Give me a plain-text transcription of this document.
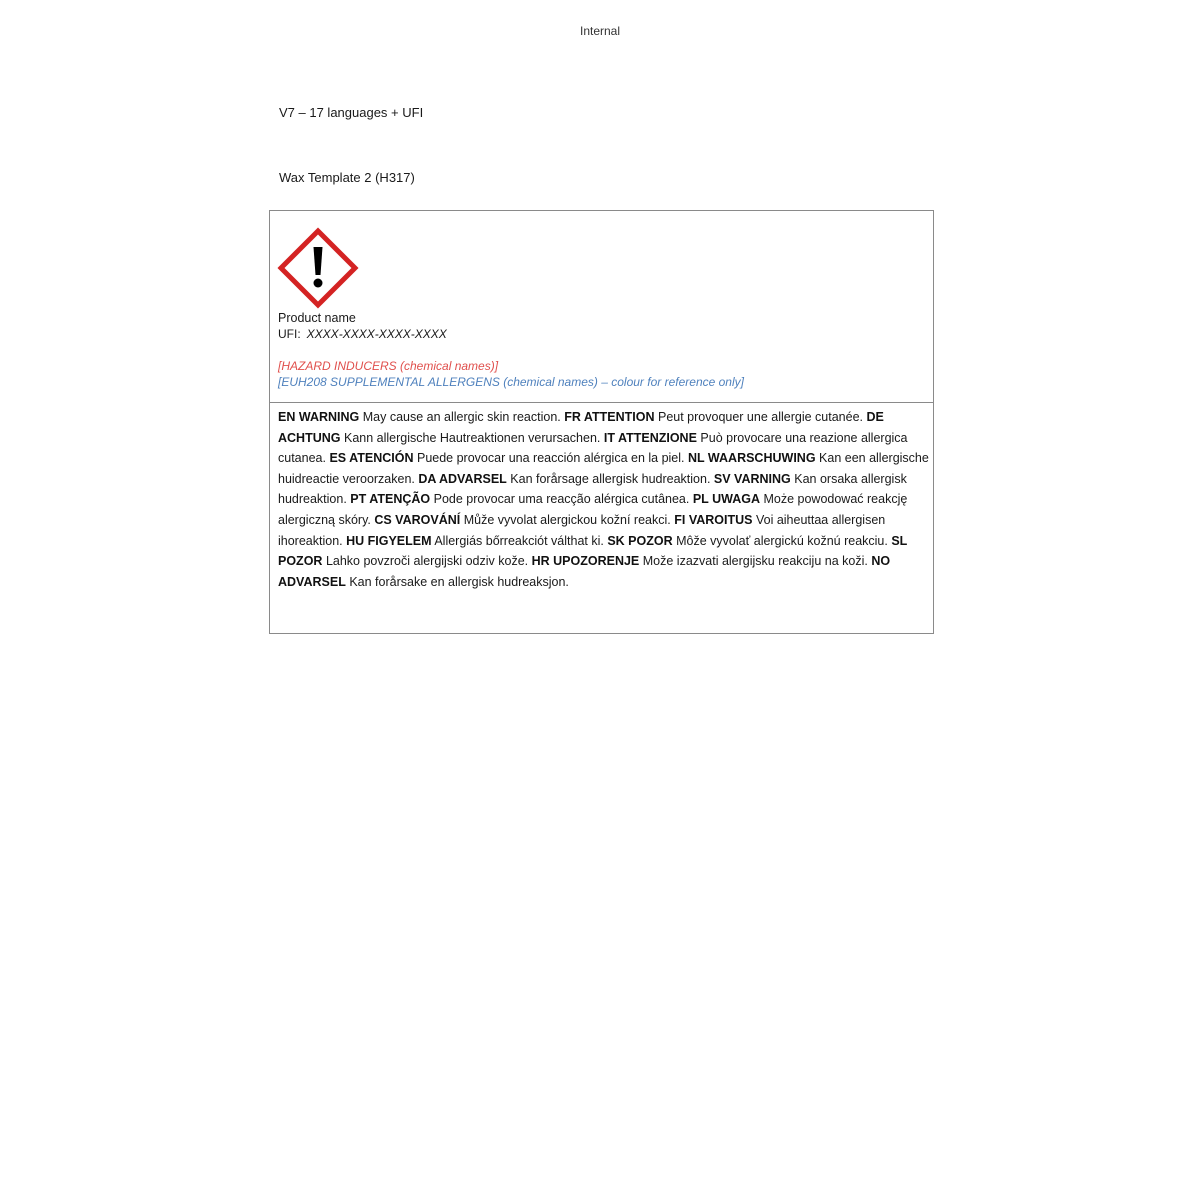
Internal
V7 – 17 languages + UFI
Wax Template 2 (H317)
Product name
UFI: XXXX-XXXX-XXXX-XXXX
[HAZARD INDUCERS (chemical names)]
[EUH208 SUPPLEMENTAL ALLERGENS (chemical names) – colour for reference only]
EN WARNING May cause an allergic skin reaction. FR ATTENTION Peut provoquer une allergie cutanée. DE ACHTUNG Kann allergische Hautreaktionen verursachen. IT ATTENZIONE Può provocare una reazione allergica cutanea. ES ATENCIÓN Puede provocar una reacción alérgica en la piel. NL WAARSCHUWING Kan een allergische huidreactie veroorzaken. DA ADVARSEL Kan forårsage allergisk hudreaktion. SV VARNING Kan orsaka allergisk hudreaktion. PT ATENÇÃO Pode provocar uma reacção alérgica cutânea. PL UWAGA Może powodować reakcję alergiczną skóry. CS VAROVÁNÍ Může vyvolat alergickou kožní reakci. FI VAROITUS Voi aiheuttaa allergisen ihoreaktion. HU FIGYELEM Allergiás bőrreakciót válthat ki. SK POZOR Môže vyvolať alergickú kožnú reakciu. SL POZOR Lahko povzroči alergijski odziv kože. HR UPOZORENJE Može izazvati alergijsku reakciju na koži. NO ADVARSEL Kan forårsake en allergisk hudreaksjon.
